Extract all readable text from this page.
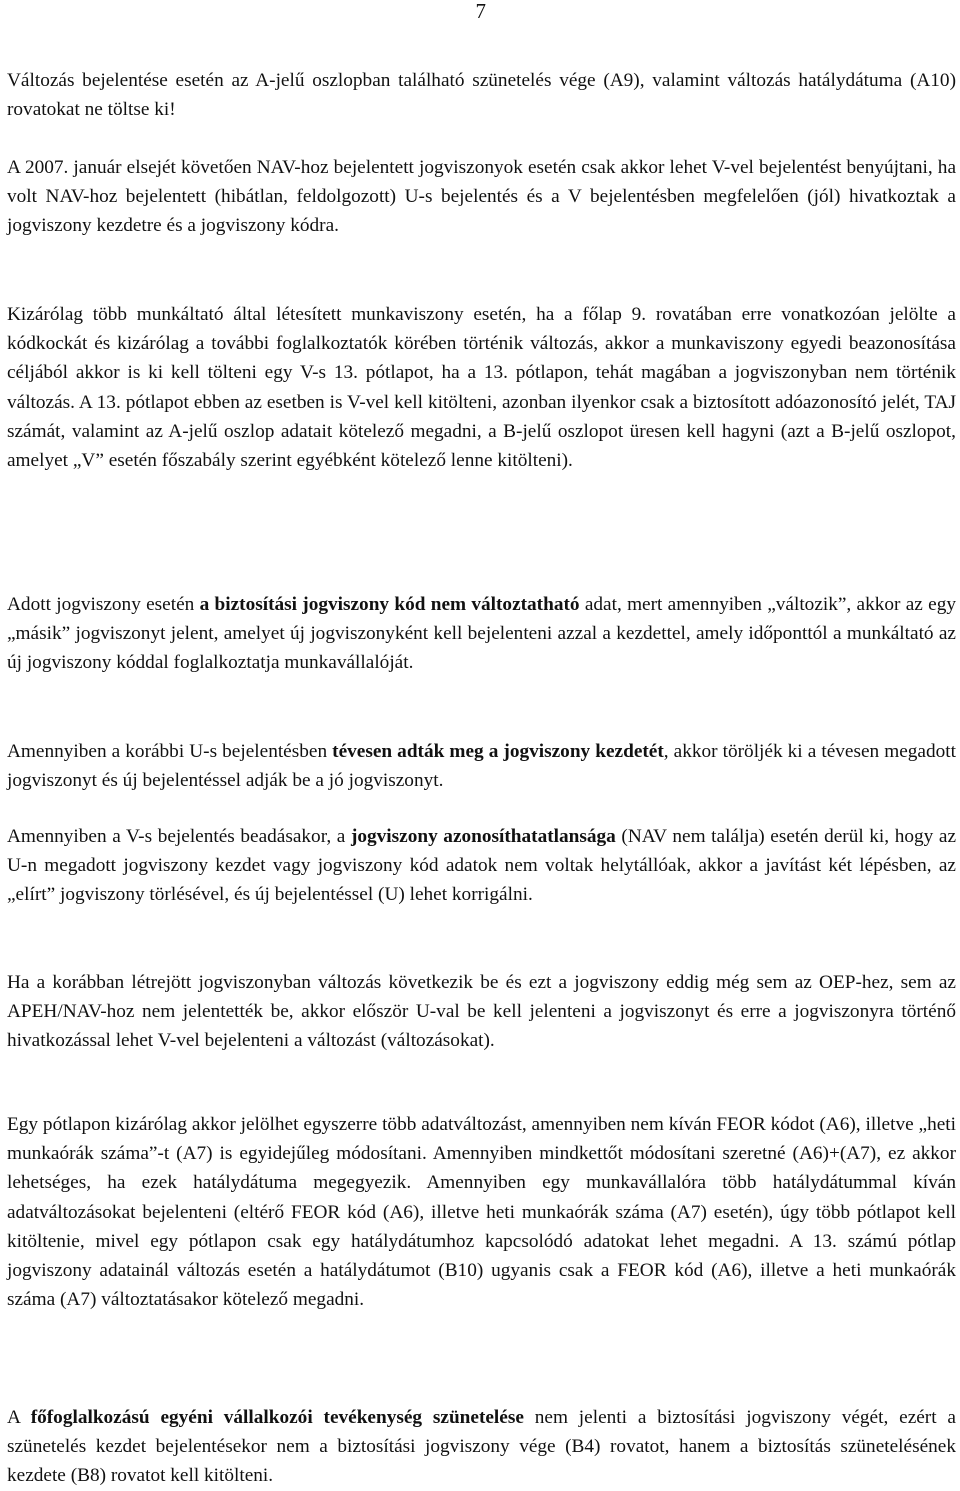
7

Változás bejelentése esetén az A-jelű oszlopban található szünetelés vége (A9), valamint változás hatálydátuma (A10) rovatokat ne töltse ki!

A 2007. január elsejét követően NAV-hoz bejelentett jogviszonyok esetén csak akkor lehet V-vel bejelentést benyújtani, ha volt NAV-hoz bejelentett (hibátlan, feldolgozott) U-s bejelentés és a V bejelentésben megfelelően (jól) hivatkoztak a jogviszony kezdetre és a jogviszony kódra.

Kizárólag több munkáltató által létesített munkaviszony esetén, ha a főlap 9. rovatában erre vonatkozóan jelölte a kódkockát és kizárólag a további foglalkoztatók körében történik változás, akkor a munkaviszony egyedi beazonosítása céljából akkor is ki kell tölteni egy V-s 13. pótlapot, ha a 13. pótlapon, tehát magában a jogviszonyban nem történik változás. A 13. pótlapot ebben az esetben is V-vel kell kitölteni, azonban ilyenkor csak a biztosított adóazonosító jelét, TAJ számát, valamint az A-jelű oszlop adatait kötelező megadni, a B-jelű oszlopot üresen kell hagyni (azt a B-jelű oszlopot, amelyet „V” esetén főszabály szerint egyébként kötelező lenne kitölteni).

Adott jogviszony esetén a biztosítási jogviszony kód nem változtatható adat, mert amennyiben „változik”, akkor az egy „másik” jogviszonyt jelent, amelyet új jogviszonyként kell bejelenteni azzal a kezdettel, amely időponttól a munkáltató az új jogviszony kóddal foglalkoztatja munkavállalóját.

Amennyiben a korábbi U-s bejelentésben tévesen adták meg a jogviszony kezdetét, akkor töröljék ki a tévesen megadott jogviszonyt és új bejelentéssel adják be a jó jogviszonyt.

Amennyiben a V-s bejelentés beadásakor, a jogviszony azonosíthatatlansága (NAV nem találja) esetén derül ki, hogy az U-n megadott jogviszony kezdet vagy jogviszony kód adatok nem voltak helytállóak, akkor a javítást két lépésben, az „elírt” jogviszony törlésével, és új bejelentéssel (U) lehet korrigálni.

Ha a korábban létrejött jogviszonyban változás következik be és ezt a jogviszony eddig még sem az OEP-hez, sem az APEH/NAV-hoz nem jelentették be, akkor először U-val be kell jelenteni a jogviszonyt és erre a jogviszonyra történő hivatkozással lehet V-vel bejelenteni a változást (változásokat).

Egy pótlapon kizárólag akkor jelölhet egyszerre több adatváltozást, amennyiben nem kíván FEOR kódot (A6), illetve „heti munkaórák száma”-t (A7) is egyidejűleg módosítani. Amennyiben mindkettőt módosítani szeretné (A6)+(A7), ez akkor lehetséges, ha ezek hatálydátuma megegyezik. Amennyiben egy munkavállalóra több hatálydátummal kíván adatváltozásokat bejelenteni (eltérő FEOR kód (A6), illetve heti munkaórák száma (A7) esetén), úgy több pótlapot kell kitöltenie, mivel egy pótlapon csak egy hatálydátumhoz kapcsolódó adatokat lehet megadni. A 13. számú pótlap jogviszony adatainál változás esetén a hatálydátumot (B10) ugyanis csak a FEOR kód (A6), illetve a heti munkaórák száma (A7) változtatásakor kötelező megadni.

A főfoglalkozású egyéni vállalkozói tevékenység szünetelése nem jelenti a biztosítási jogviszony végét, ezért a szünetelés kezdet bejelentésekor nem a biztosítási jogviszony vége (B4) rovatot, hanem a biztosítás szünetelésének kezdete (B8) rovatot kell kitölteni.
